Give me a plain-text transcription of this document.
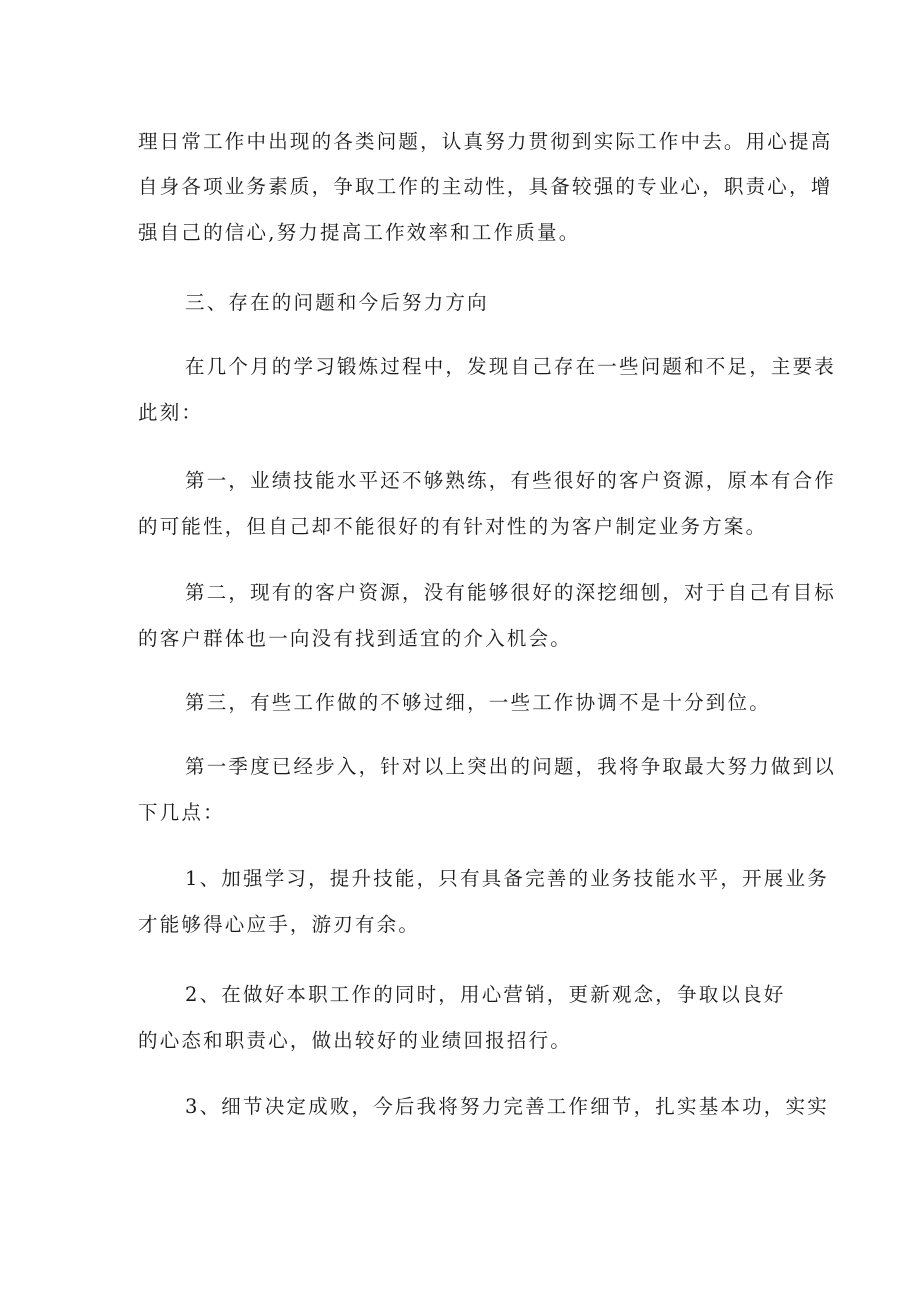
理日常工作中出现的各类问题，认真努力贯彻到实际工作中去。用心提高
自身各项业务素质，争取工作的主动性，具备较强的专业心，职责心，增
强自己的信心,努力提高工作效率和工作质量。
三、存在的问题和今后努力方向
在几个月的学习锻炼过程中，发现自己存在一些问题和不足，主要表
此刻：
第一，业绩技能水平还不够熟练，有些很好的客户资源，原本有合作
的可能性，但自己却不能很好的有针对性的为客户制定业务方案。
第二，现有的客户资源，没有能够很好的深挖细刨，对于自己有目标
的客户群体也一向没有找到适宜的介入机会。
第三，有些工作做的不够过细，一些工作协调不是十分到位。
第一季度已经步入，针对以上突出的问题，我将争取最大努力做到以
下几点：
1、加强学习，提升技能，只有具备完善的业务技能水平，开展业务
才能够得心应手，游刃有余。
2、在做好本职工作的同时，用心营销，更新观念，争取以良好
的心态和职责心，做出较好的业绩回报招行。
3、细节决定成败，今后我将努力完善工作细节，扎实基本功，实实
